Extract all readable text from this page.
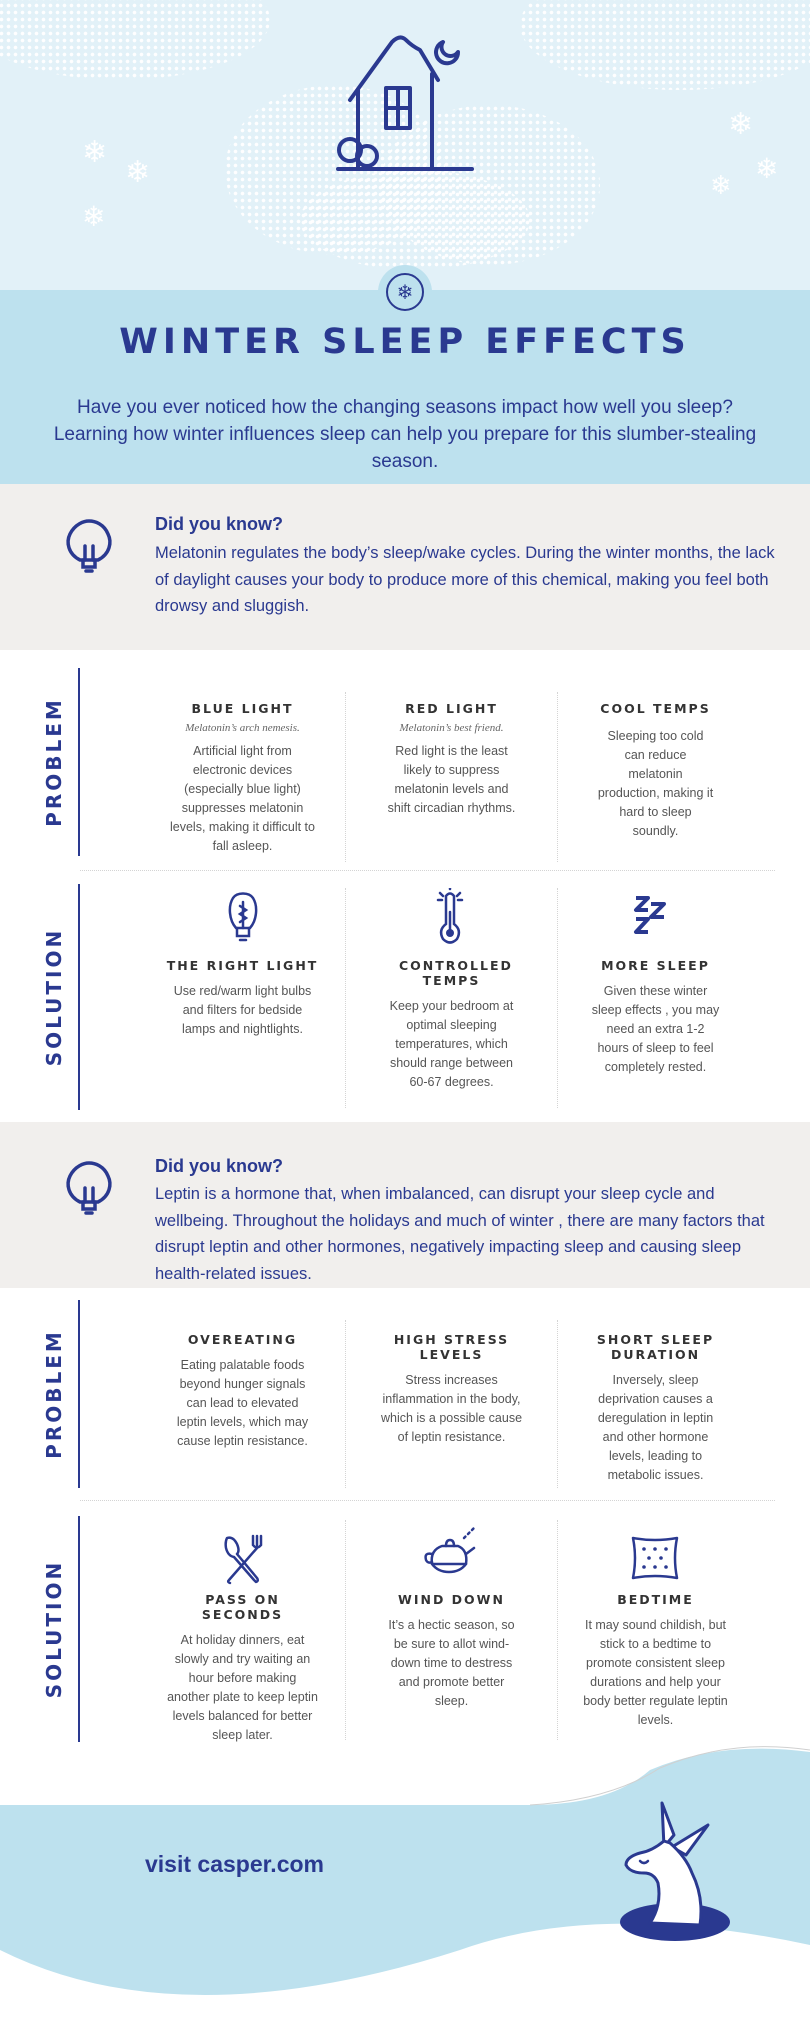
❄
❄
❄
❄
❄
❄
❄
WINTER SLEEP EFFECTS
Have you ever noticed how the changing seasons impact how well you sleep?
Learning how winter influences sleep can help you prepare for this slumber-stealing season.
Did you know?
Melatonin regulates the body’s sleep/wake cycles. During the winter months, the lack of daylight causes your body to produce more of this chemical, making you feel both drowsy and sluggish.
PROBLEM	BLUE LIGHT
Melatonin’s arch nemesis.
Artificial light from electronic devices (especially blue light) suppresses melatonin levels, making it difficult to fall asleep.
RED LIGHT
Melatonin’s best friend.
Red light is the least likely to suppress melatonin levels and shift circadian rhythms.
COOL TEMPS
Sleeping too cold can reduce melatonin production, making it hard to sleep soundly.
SOLUTION	THE RIGHT LIGHT
Use red/warm light bulbs and filters for bedside lamps and nightlights.
CONTROLLED TEMPS
Keep your bedroom at optimal sleeping temperatures, which should range between 60-67 degrees.
MORE SLEEP
Given these winter sleep effects , you may need an extra 1-2 hours of sleep to feel completely rested.
Did you know?
Leptin is a hormone that, when imbalanced, can disrupt your sleep cycle and wellbeing. Throughout the holidays and much of winter , there are many factors that disrupt leptin and other hormones, negatively impacting sleep and causing sleep health-related issues.
PROBLEM	OVEREATING
Eating palatable foods beyond hunger signals can lead to elevated leptin levels, which may cause leptin resistance.
HIGH STRESS LEVELS
Stress increases inflammation in the body, which is a possible cause of leptin resistance.
SHORT SLEEP DURATION
Inversely, sleep deprivation causes a deregulation in leptin and other hormone levels, leading to metabolic issues.
SOLUTION	PASS ON SECONDS
At holiday dinners, eat slowly and try waiting an hour before making another plate to keep leptin levels balanced for better sleep later.
WIND DOWN
It’s a hectic season, so be sure to allot wind-down time to destress and promote better sleep.
BEDTIME
It may sound childish, but stick to a bedtime to promote consistent sleep durations and help your body better regulate leptin levels.
visit casper.com
